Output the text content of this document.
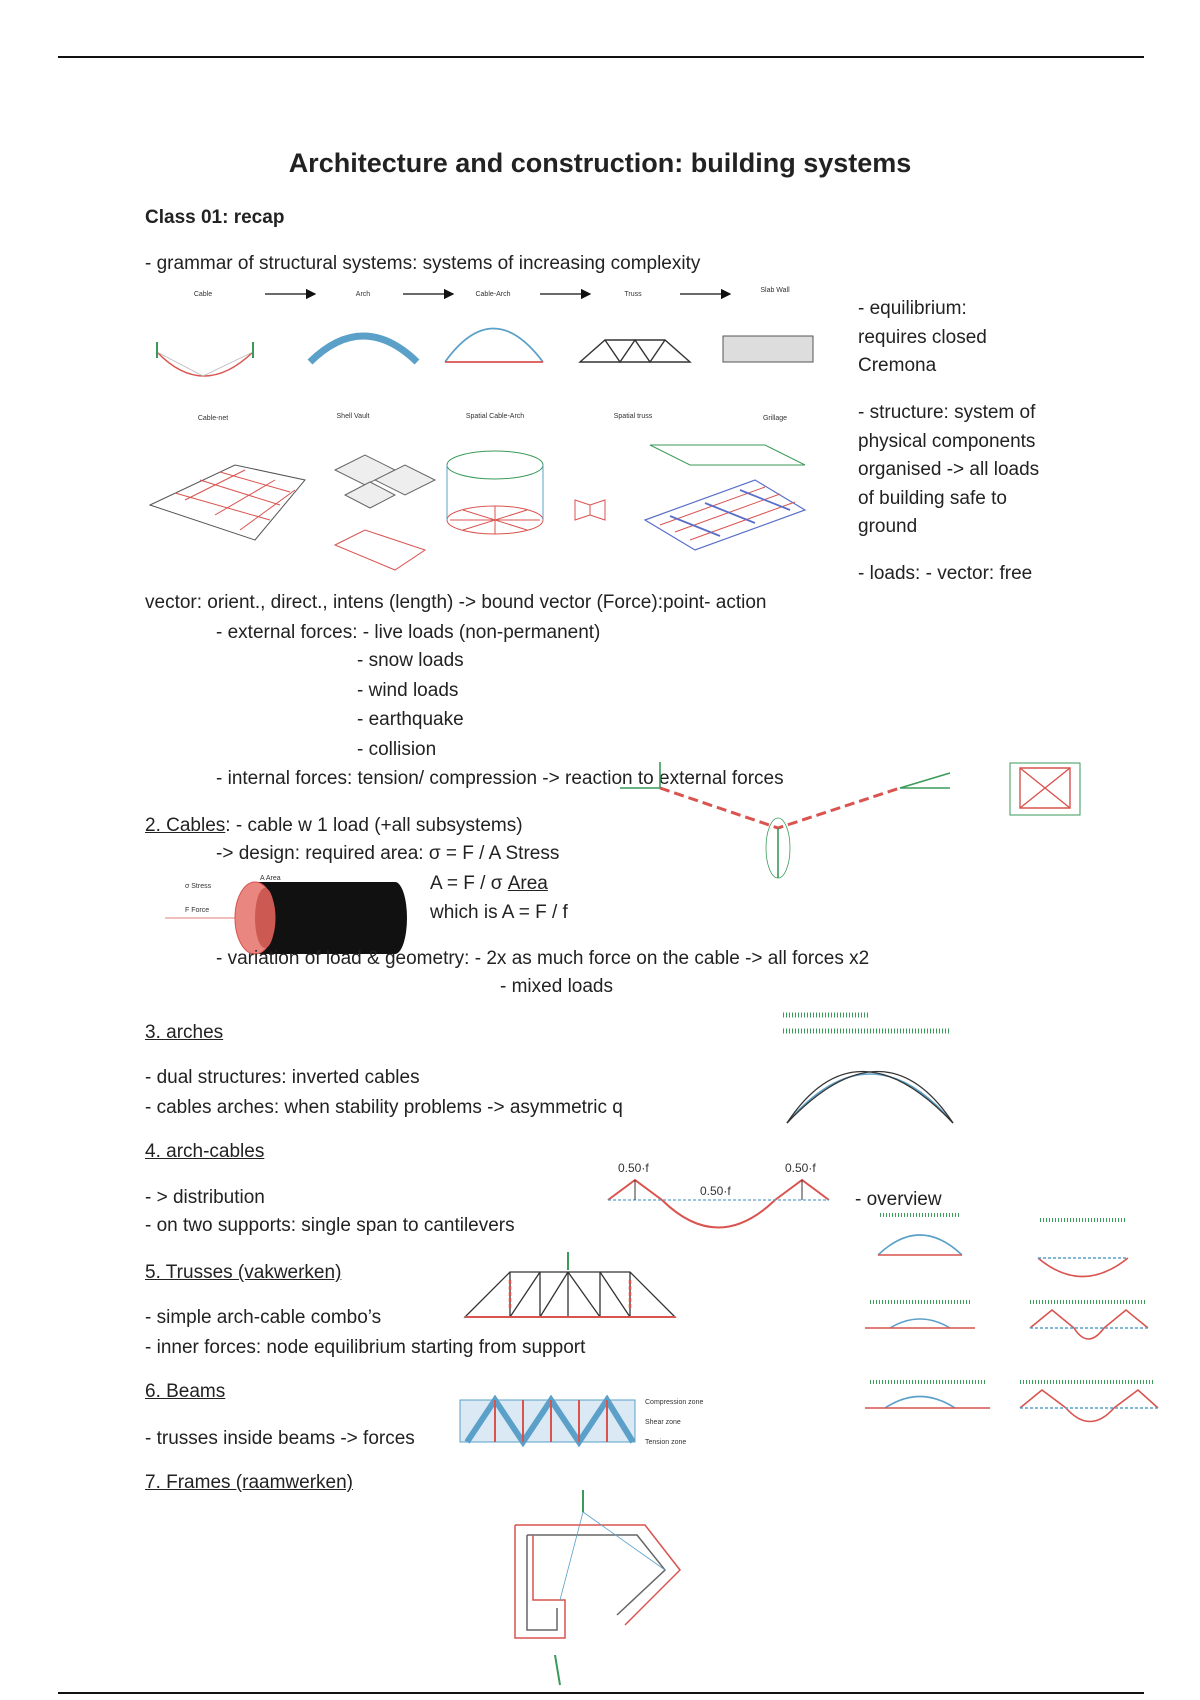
Architecture and construction: building systems
Class 01: recap
- grammar of structural systems: systems of increasing complexity
Cable	Arch	Cable-Arch	Truss
Slab Wall
Cable-net	Shell Vault	Spatial Cable-Arch	Spatial truss	Grillage
- equilibrium:
requires closed
Cremona
- structure: system of
physical components
organised -> all loads
of building safe to
ground
- loads: - vector: free
vector: orient., direct., intens (length) -> bound vector (Force):point- action
- external forces: - live loads (non-permanent)
- snow loads
- wind loads
- earthquake
- collision
- internal forces: tension/ compression -> reaction to external forces
2. Cables: - cable w 1 load (+all subsystems)
-> design: required area: σ = F / A Stress
A = F / σ Area
which is A = F / f
σ Stress
A Area
F Force
- variation of load & geometry: - 2x as much force on the cable -> all forces x2
- mixed loads
3. arches
- dual structures: inverted cables
- cables arches: when stability problems -> asymmetric q
4. arch-cables
- > distribution
- on two supports: single span to cantilevers
0.50·f
0.50·f
0.50·f
- overview
5. Trusses (vakwerken)
- simple arch-cable combo’s
- inner forces: node equilibrium starting from support
6. Beams
- trusses inside beams -> forces
Compression zone
Shear zone
Tension zone
7. Frames (raamwerken)
